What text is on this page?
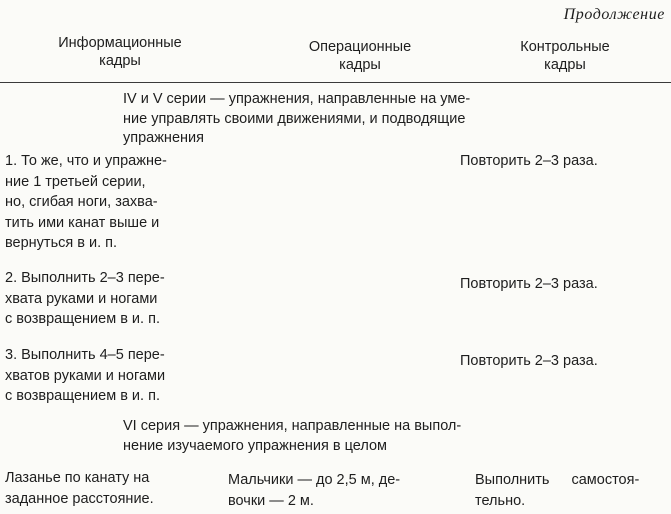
Продолжение
Информационные
кадры
Операционные
кадры
Контрольные
кадры
IV и V серии — упражнения, направленные на уме-
ние управлять своими движениями, и подводящие
упражнения
1. То же, что и упражне-
ние 1 третьей серии,
но, сгибая ноги, захва-
тить ими канат выше и
вернуться в и. п.
Повторить 2–3 раза.
2. Выполнить 2–3 пере-
хвата руками и ногами
с возвращением в и. п.
Повторить 2–3 раза.
3. Выполнить 4–5 пере-
хватов руками и ногами
с возвращением в и. п.
Повторить 2–3 раза.
VI серия — упражнения, направленные на выпол-
нение изучаемого упражнения в целом
Лазанье по канату на
заданное расстояние.
Мальчики — до 2,5 м, де-
вочки — 2 м.
Выполнить самостоя-
тельно.
